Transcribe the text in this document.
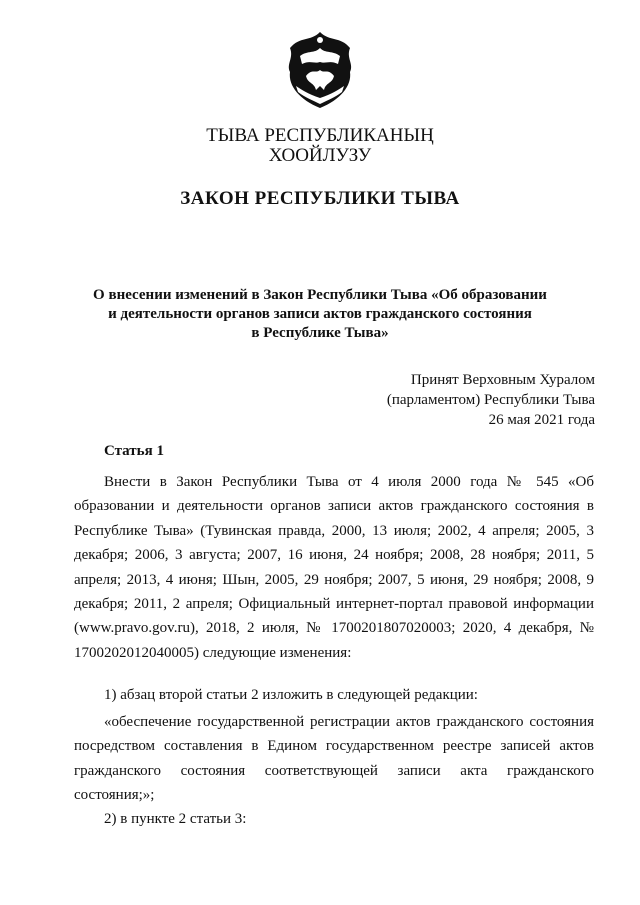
ТЫВА РЕСПУБЛИКАНЫҢ
ХООЙЛУЗУ
ЗАКОН РЕСПУБЛИКИ ТЫВА
О внесении изменений в Закон Республики Тыва «Об образовании
и деятельности органов записи актов гражданского состояния
в Республике Тыва»
Принят Верховным Хуралом
(парламентом) Республики Тыва
26 мая 2021 года
Статья 1

Внести в Закон Республики Тыва от 4 июля 2000 года № 545 «Об образовании и деятельности органов записи актов гражданского состояния в Республике Тыва» (Тувинская правда, 2000, 13 июля; 2002, 4 апреля; 2005, 3 декабря; 2006, 3 августа; 2007, 16 июня, 24 ноября; 2008, 28 ноября; 2011, 5 апреля; 2013, 4 июня; Шын, 2005, 29 ноября; 2007, 5 июня, 29 ноября; 2008, 9 декабря; 2011, 2 апреля; Официальный интернет-портал правовой информации (www.pravo.gov.ru), 2018, 2 июля, № 1700201807020003; 2020, 4 декабря, № 1700202012040005) следующие изменения:

1) абзац второй статьи 2 изложить в следующей редакции:

«обеспечение государственной регистрации актов гражданского состояния посредством составления в Едином государственном реестре записей актов гражданского состояния соответствующей записи акта гражданского состояния;»;

2) в пункте 2 статьи 3:
